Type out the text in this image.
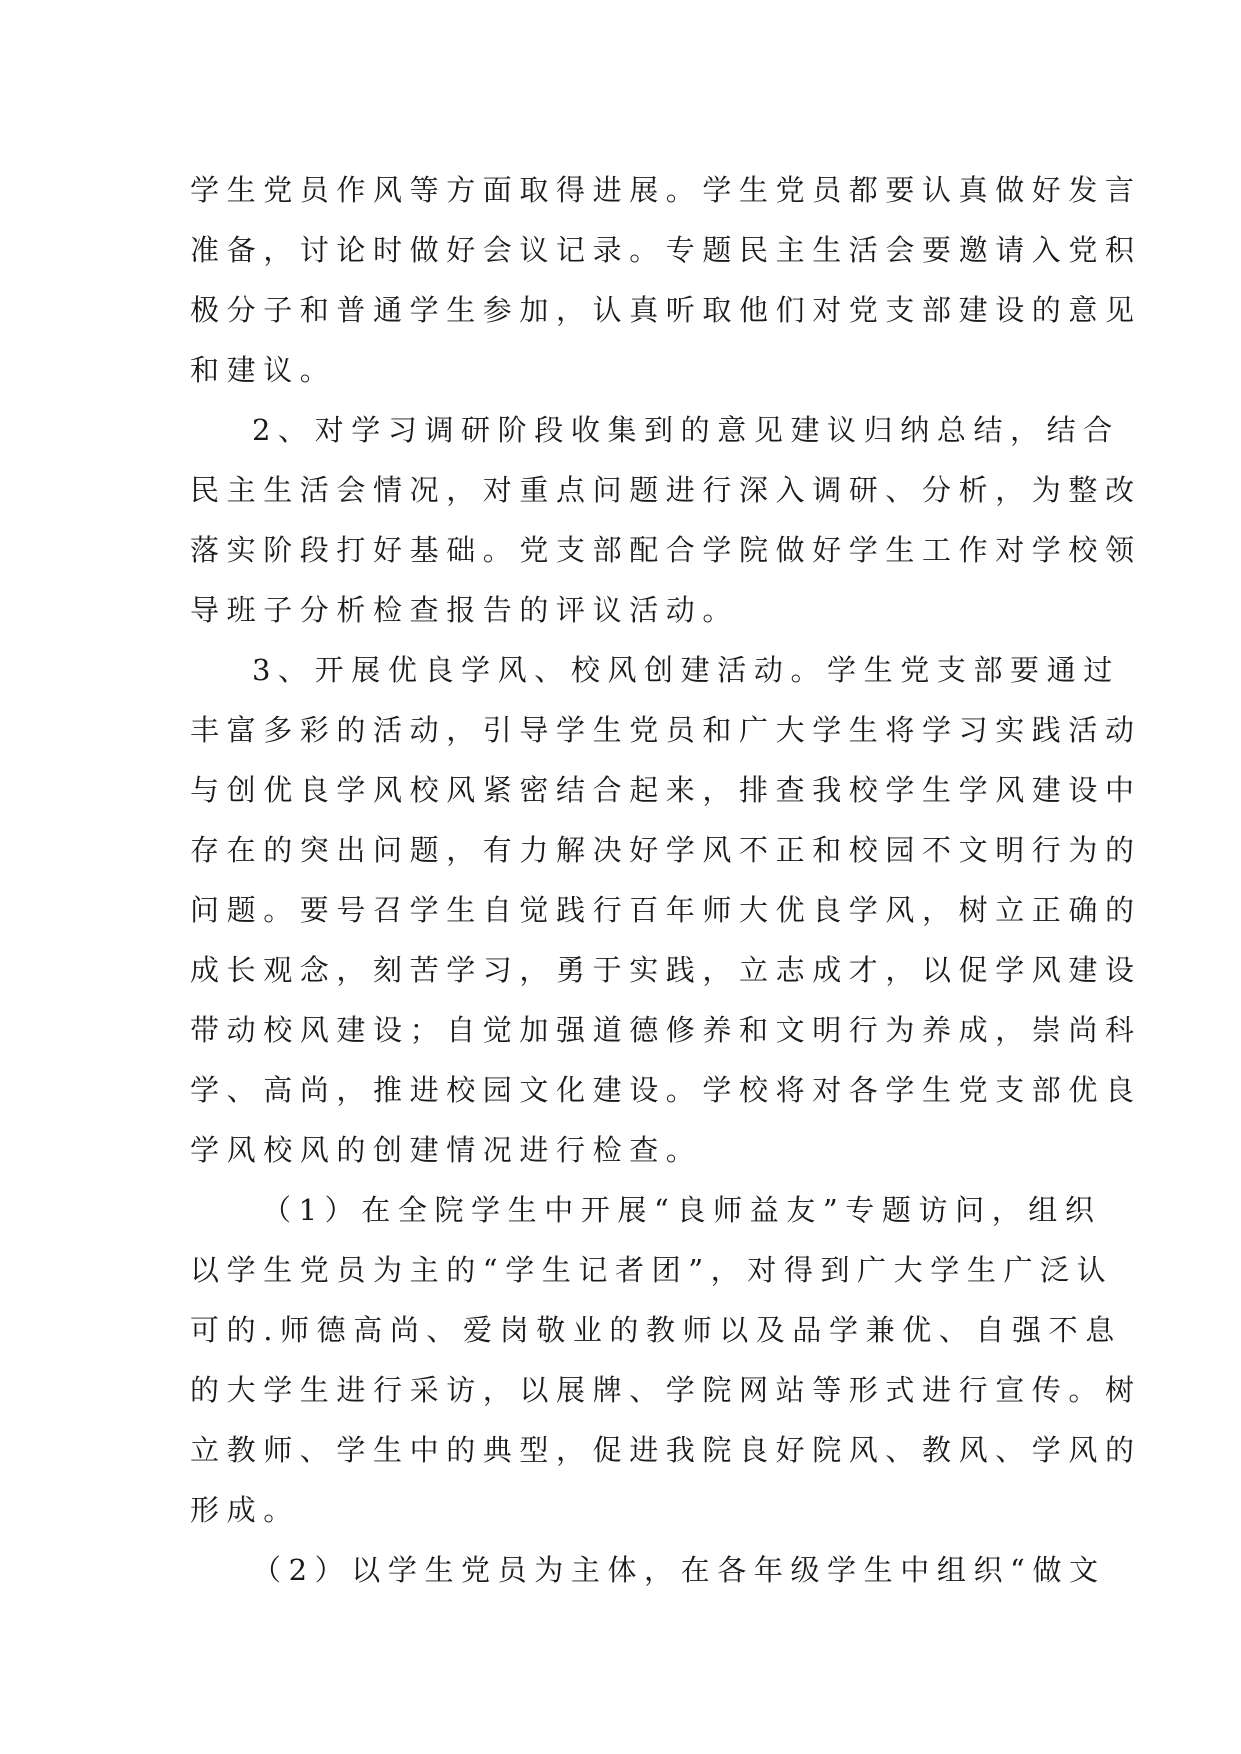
学生党员作风等方面取得进展。学生党员都要认真做好发言
准备，讨论时做好会议记录。专题民主生活会要邀请入党积
极分子和普通学生参加，认真听取他们对党支部建设的意见
和建议。
2、对学习调研阶段收集到的意见建议归纳总结，结合
民主生活会情况，对重点问题进行深入调研、分析，为整改
落实阶段打好基础。党支部配合学院做好学生工作对学校领
导班子分析检查报告的评议活动。
3、开展优良学风、校风创建活动。学生党支部要通过
丰富多彩的活动，引导学生党员和广大学生将学习实践活动
与创优良学风校风紧密结合起来，排查我校学生学风建设中
存在的突出问题，有力解决好学风不正和校园不文明行为的
问题。要号召学生自觉践行百年师大优良学风，树立正确的
成长观念，刻苦学习，勇于实践，立志成才，以促学风建设
带动校风建设；自觉加强道德修养和文明行为养成，崇尚科
学、高尚，推进校园文化建设。学校将对各学生党支部优良
学风校风的创建情况进行检查。
（1）在全院学生中开展“良师益友”专题访问，组织
以学生党员为主的“学生记者团”，对得到广大学生广泛认
可的.师德高尚、爱岗敬业的教师以及品学兼优、自强不息
的大学生进行采访，以展牌、学院网站等形式进行宣传。树
立教师、学生中的典型，促进我院良好院风、教风、学风的
形成。
（2）以学生党员为主体，在各年级学生中组织“做文
